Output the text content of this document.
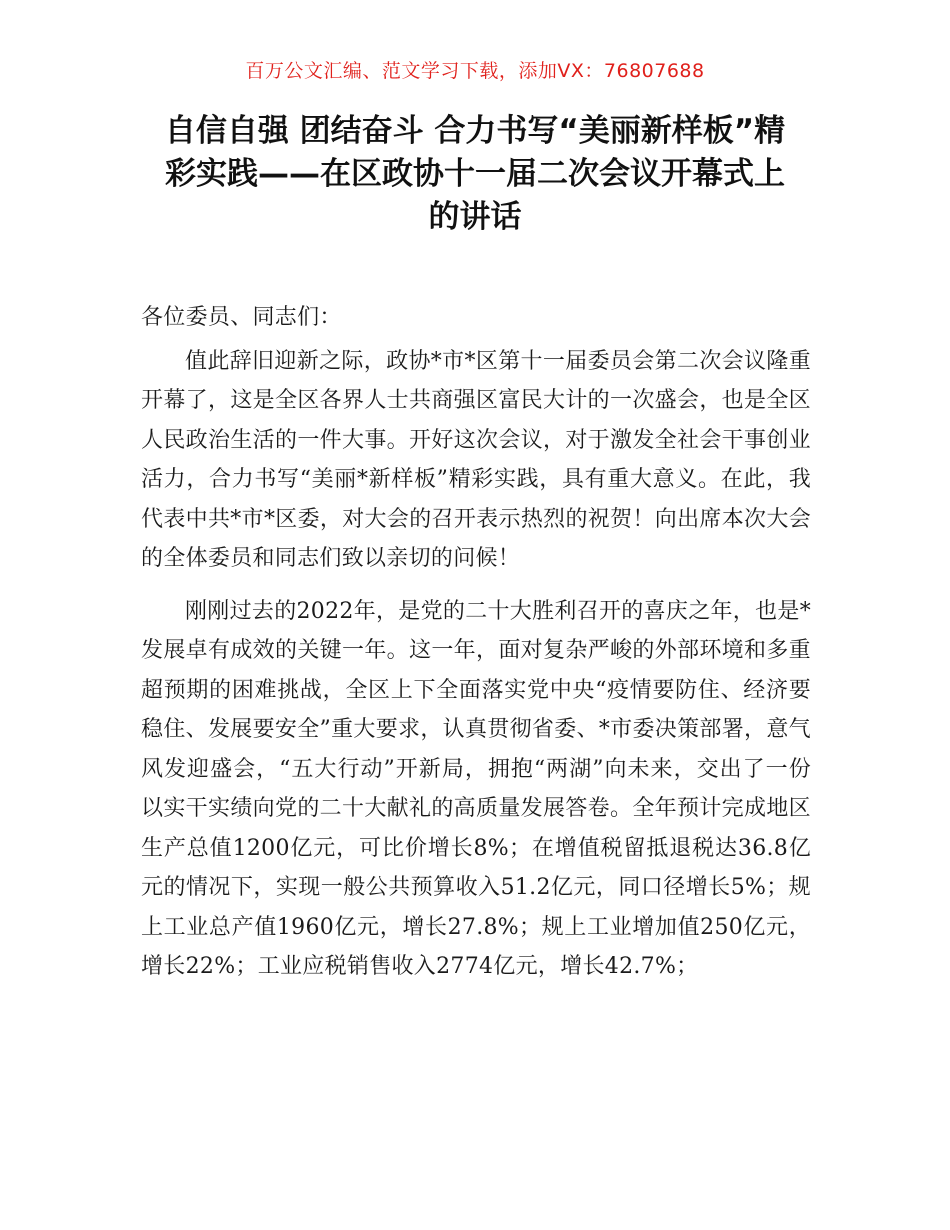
百万公文汇编、范文学习下载，添加VX：76807688
自信自强 团结奋斗 合力书写“美丽新样板”精彩实践——在区政协十一届二次会议开幕式上的讲话

各位委员、同志们：

值此辞旧迎新之际，政协*市*区第十一届委员会第二次会议隆重开幕了，这是全区各界人士共商强区富民大计的一次盛会，也是全区人民政治生活的一件大事。开好这次会议，对于激发全社会干事创业活力，合力书写“美丽*新样板”精彩实践，具有重大意义。在此，我代表中共*市*区委，对大会的召开表示热烈的祝贺！向出席本次大会的全体委员和同志们致以亲切的问候！

刚刚过去的2022年，是党的二十大胜利召开的喜庆之年，也是*发展卓有成效的关键一年。这一年，面对复杂严峻的外部环境和多重超预期的困难挑战，全区上下全面落实党中央“疫情要防住、经济要稳住、发展要安全”重大要求，认真贯彻省委、*市委决策部署，意气风发迎盛会，“五大行动”开新局，拥抱“两湖”向未来，交出了一份以实干实绩向党的二十大献礼的高质量发展答卷。全年预计完成地区生产总值1200亿元，可比价增长8%；在增值税留抵退税达36.8亿元的情况下，实现一般公共预算收入51.2亿元，同口径增长5%；规上工业总产值1960亿元，增长27.8%；规上工业增加值250亿元，增长22%；工业应税销售收入2774亿元，增长42.7%；
